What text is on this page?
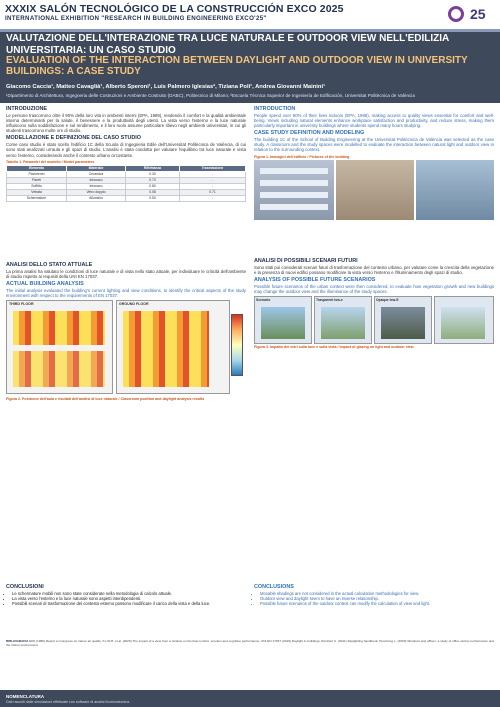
XXXIX SALÓN TECNOLÓGICO DE LA CONSTRUCCIÓN EXCO 2025
INTERNATIONAL EXHIBITION "RESEARCH IN BUILDING ENGINEERING EXCO'25"	25
VALUTAZIONE DELL'INTERAZIONE TRA LUCE NATURALE E OUTDOOR VIEW NELL'EDILIZIA UNIVERSITARIA: UN CASO STUDIO
EVALUATION OF THE INTERACTION BETWEEN DAYLIGHT AND OUTDOOR VIEW IN UNIVERSITY BUILDINGS: A CASE STUDY
Giacomo Caccia¹, Matteo Cavaglià¹, Alberto Speroni¹, Luis Palmero Iglesias², Tiziana Poli¹, Andrea Giovanni Mainini¹
¹Dipartimento di Architettura, Ingegneria delle Costruzioni e Ambiente Costruito (DABC), Politecnico di Milano; ²Escuela Técnica Superior de Ingeniería de Edificación, Universitat Politècnica de València
INTRODUZIONE

Le persone trascorrono oltre il 90% della loro vita in ambienti interni (EPA, 1989), rendendo il comfort e la qualità ambientale interna determinanti per la salute, il benessere e la produttività degli utenti. La vista verso l'esterno e la luce naturale influiscono sulla soddisfazione e sul rendimento, e il loro ruolo assume particolare rilievo negli ambienti universitari, in cui gli studenti trascorrono molte ore di studio.

MODELLAZIONE E DEFINIZIONE DEL CASO STUDIO

Come caso studio è stato scelto l'edificio 1C della Scuola di Ingegneria Edile dell'Universitat Politècnica de València, di cui sono stati analizzati un'aula e gli spazi di studio. L'analisi è stata condotta per valutare l'equilibrio tra luce naturale e vista verso l'esterno, considerando anche il contesto urbano circostante.

Tabella 1. Parametri del modello / Model parameters
Elemento	Materiale	Riflettanza	Trasmissione
Pavimento	Ceramica	0.30	-
Pareti	Intonaco	0.70	-
Soffitto	Intonaco	0.80	-
Vetrata	Vetro doppio	0.08	0.71
Schermature	Alluminio	0.50	-
ANALISI DELLO STATO ATTUALE

La prima analisi ha valutato le condizioni di luce naturale e di vista nello stato attuale, per individuare le criticità dell'ambiente di studio rispetto ai requisiti della UNI EN 17037.

ACTUAL BUILDING ANALYSIS

The initial analysis evaluated the building's current lighting and view conditions, to identify the critical aspects of the study environment with respect to the requirements of EN 17037.

THIRD FLOOR	GROUND FLOOR
Figura 2. Posizione dell'aula e risultati dell'analisi di luce naturale / Classroom position and daylight analysis results
INTRODUCTION

People spend over 90% of their lives indoors (EPA, 1989), making access to quality views essential for comfort and well-being. Views including natural elements enhance workplace satisfaction and productivity, and reduce stress, making them particularly important in university buildings where students spend many hours studying.

CASE STUDY DEFINITION AND MODELING

The building 1C of the School of Building Engineering at the Universitat Politècnica de València was selected as the case study. A classroom and the study spaces were modelled to evaluate the interaction between natural light and outdoor view in relation to the surrounding context.

Figura 1. Immagini dell'edificio / Pictures of the building
ANALISI DI POSSIBILI SCENARI FUTURI

Sono stati poi considerati scenari futuri di trasformazione del contesto urbano, per valutare come la crescita della vegetazione e la presenza di nuovi edifici possano modificare la vista verso l'esterno e l'illuminamento degli spazi di studio.

ANALYSIS OF POSSIBLE FUTURE SCENARIOS

Possible future scenarios of the urban context were then considered, to evaluate how vegetation growth and new buildings may change the outdoor view and the illuminance of the study spaces.

Scenario	Trasparent low-e	Opaque low-E
Figura 3. Impatto dei vetri sulla luce e sulla vista / Impact of glazing on light and outdoor view
CONCLUSIONI
• Le schermature mobili non sono state considerate nella metodologia di calcolo attuale.
• La vista verso l'esterno e la luce naturale sono aspetti interdipendenti.
• Possibili scenari di trasformazione del contesto esterno possono modificare il carico della vista e della luce.
CONCLUSIONS
• Movable shadings are not considered in the actual calculation methodologies for view.
• Outdoor view and daylight seem to have an inverse relationship.
• Possible future scenarios of the outdoor context can modify the calculation of view and light.
BIBLIOGRAFIA EPA (1989) Report to Congress on indoor air quality; Ko W.H. et al. (2020) The impact of a view from a window on thermal comfort, emotion and cognitive performance; UNI EN 17037 (2019) Daylight in buildings; Reinhart C. (2011) Daylighting handbook; Heschong L. (2003) Windows and offices: a study of office worker performance and the indoor environment.
NOMENCLATURA
Dati raccolti dalle simulazioni effettuate con software di analisi illuminotecnica.
